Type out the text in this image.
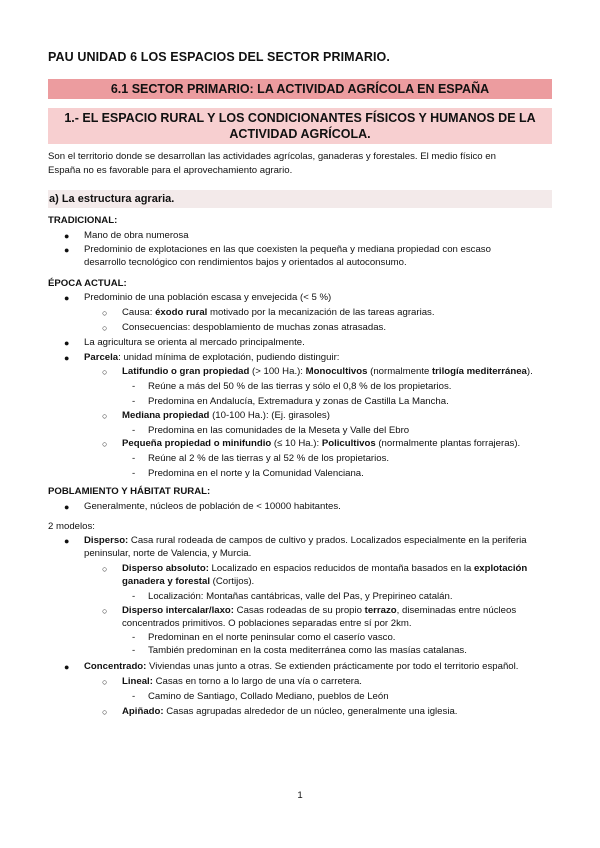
PAU UNIDAD 6 LOS ESPACIOS DEL SECTOR PRIMARIO.
6.1 SECTOR PRIMARIO: LA ACTIVIDAD AGRÍCOLA EN ESPAÑA
1.- EL ESPACIO RURAL Y LOS CONDICIONANTES FÍSICOS Y HUMANOS DE LA
ACTIVIDAD AGRÍCOLA.
Son el territorio donde se desarrollan las actividades agrícolas, ganaderas y forestales. El medio físico en
España no es favorable para el aprovechamiento agrario.
a) La estructura agraria.
TRADICIONAL:
● Mano de obra numerosa
● Predominio de explotaciones en las que coexisten la pequeña y mediana propiedad con escaso
desarrollo tecnológico con rendimientos bajos y orientados al autoconsumo.
ÉPOCA ACTUAL:
● Predominio de una población escasa y envejecida (< 5 %)
○ Causa: éxodo rural motivado por la mecanización de las tareas agrarias.
○ Consecuencias: despoblamiento de muchas zonas atrasadas.
● La agricultura se orienta al mercado principalmente.
● Parcela: unidad mínima de explotación, pudiendo distinguir:
○ Latifundio o gran propiedad (> 100 Ha.): Monocultivos (normalmente trilogía mediterránea).
- Reúne a más del 50 % de las tierras y sólo el 0,8 % de los propietarios.
- Predomina en Andalucía, Extremadura y zonas de Castilla La Mancha.
○ Mediana propiedad (10-100 Ha.): (Ej. girasoles)
- Predomina en las comunidades de la Meseta y Valle del Ebro
○ Pequeña propiedad o minifundio (≤ 10 Ha.): Policultivos (normalmente plantas forrajeras).
- Reúne al 2 % de las tierras y al 52 % de los propietarios.
- Predomina en el norte y la Comunidad Valenciana.
POBLAMIENTO Y HÁBITAT RURAL:
● Generalmente, núcleos de población de < 10000 habitantes.
2 modelos:
● Disperso: Casa rural rodeada de campos de cultivo y prados. Localizados especialmente en la periferia
peninsular, norte de Valencia, y Murcia.
○ Disperso absoluto: Localizado en espacios reducidos de montaña basados en la explotación
ganadera y forestal (Cortijos).
- Localización: Montañas cantábricas, valle del Pas, y Prepirineo catalán.
○ Disperso intercalar/laxo: Casas rodeadas de su propio terrazo, diseminadas entre núcleos
concentrados primitivos. O poblaciones separadas entre sí por 2km.
- Predominan en el norte peninsular como el caserío vasco.
- También predominan en la costa mediterránea como las masías catalanas.
● Concentrado: Viviendas unas junto a otras. Se extienden prácticamente por todo el territorio español.
○ Lineal: Casas en torno a lo largo de una vía o carretera.
- Camino de Santiago, Collado Mediano, pueblos de León
○ Apiñado: Casas agrupadas alrededor de un núcleo, generalmente una iglesia.
1
